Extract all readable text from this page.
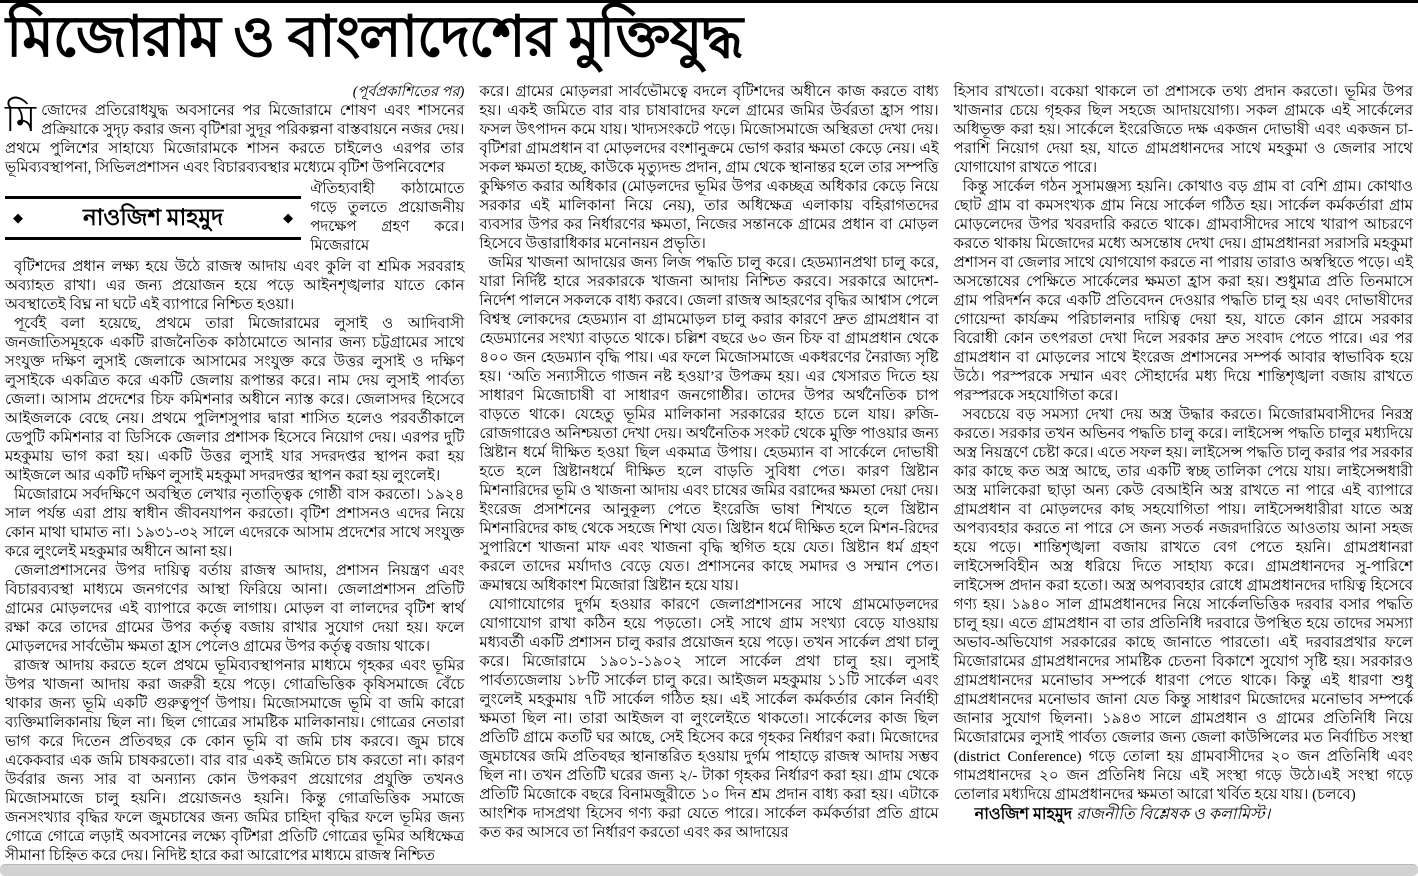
মিজোরাম ও বাংলাদেশের মুক্তিযুদ্ধ

(পূর্বপ্রকাশিতের পর)

মিজোদের প্রতিরোধযুদ্ধ অবসানের পর মিজোরামে শোষণ এবং শাসনের প্রক্রিয়াকে সুদৃঢ় করার জন্য বৃটিশরা সুদূর পরিকল্পনা বাস্তবায়নে নজর দেয়। প্রথমে পুলিশের সাহায্যে মিজোরামকে শাসন করতে চাইলেও এরপর তার ভূমিব্যবস্থাপনা, সিভিলপ্রশাসন এবং বিচারব্যবস্থার মধ্যেমে বৃটিশ উপনিবেশের

◆	নাওজিশ মাহমুদ	◆
ঐতিহ্যবাহী কাঠামোতে গড়ে তুলতে প্রয়োজনীয় পদক্ষেপ গ্রহণ করে। মিজেরামে

বৃটিশদের প্রধান লক্ষ্য হয়ে উঠে রাজস্ব আদায় এবং কুলি বা শ্রমিক সরবরাহ অব্যাহত রাখা। এর জন্য প্রয়োজন হয়ে পড়ে আইনশৃঙ্খলার যাতে কোন অবস্থাতেই বিঘ্ন না ঘটে এই ব্যাপারে নিশ্চিত হওয়া।

পূর্বেই বলা হয়েছে, প্রথমে তারা মিজোরামের লুসাই ও আদিবাসী জনজাতিসমূহকে একটি রাজনৈতিক কাঠামোতে আনার জন্য চট্টগ্রামের সাথে সংযুক্ত দক্ষিণ লুসাই জেলাকে আসামের সংযুক্ত করে উত্তর লুসাই ও দক্ষিণ লুসাইকে একত্রিত করে একটি জেলায় রূপান্তর করে। নাম দেয় লুসাই পার্বত্য জেলা। আসাম প্রদেশের চিফ কমিশনার অধীনে ন্যাস্ত করে। জেলাসদর হিসেবে আইজলকে বেছে নেয়। প্রথমে পুলিশসুপার দ্বারা শাসিত হলেও পরবর্তীকালে ডেপুটি কমিশনার বা ডিসিকে জেলার প্রশাসক হিসেবে নিয়োগ দেয়। এরপর দুটি মহকুমায় ভাগ করা হয়। একটি উত্তর লুসাই যার সদরদপ্তর স্থাপন করা হয় আইজলে আর একটি দক্ষিণ লুসাই মহকুমা সদরদপ্তর স্থাপন করা হয় লুংলেই।

মিজোরামে সর্বদক্ষিণে অবস্থিত লেখার নৃতাত্ত্বিক গোষ্ঠী বাস করতো। ১৯২৪ সাল পর্যন্ত এরা প্রায় স্বাধীন জীবনযাপন করতো। বৃটিশ প্রশাসনও এদের নিয়ে কোন মাথা ঘামাত না। ১৯৩১-৩২ সালে এদেরকে আসাম প্রদেশের সাথে সংযুক্ত করে লুংলেই মহকুমার অধীনে আনা হয়।

জেলাপ্রশাসনের উপর দায়িত্ব বর্তায় রাজস্ব আদায়, প্রশাসন নিয়ন্ত্রণ এবং বিচারব্যবস্থা মাধ্যমে জনগণের আস্থা ফিরিয়ে আনা। জেলাপ্রশাসন প্রতিটি গ্রামের মোড়লদের এই ব্যাপারে কজে লাগায়। মোড়ল বা লালদের বৃটিশ স্বার্থ রক্ষা করে তাদের গ্রামের উপর কর্তৃত্ব বজায় রাখার সুযোগ দেয়া হয়। ফলে মোড়লদের সার্বভৌম ক্ষমতা হ্রাস পেলেও গ্রামের উপর কর্তৃত্ব বজায় থাকে।

রাজস্ব আদায় করতে হলে প্রথমে ভূমিব্যবস্থাপনার মাধ্যমে গৃহকর এবং ভূমির উপর খাজনা আদায় করা জরুরী হয়ে পড়ে। গোত্রভিত্তিক কৃষিসমাজে বেঁচে থাকার জন্য ভূমি একটি গুরুত্বপূর্ণ উপায়। মিজোসমাজে ভূমি বা জমি কারো ব্যক্তিমালিকানায় ছিল না। ছিল গোত্রের সামষ্টিক মালিকানায়। গোত্রের নেতারা ভাগ করে দিতেন প্রতিবছর কে কোন ভূমি বা জমি চাষ করবে। জুম চাষে একেকবার এক জমি চাষকরতো। বার বার একই জমিতে চাষ করতো না। কারণ উর্বরার জন্য সার বা অন্যান্য কোন উপকরণ প্রয়োগের প্রযুক্তি তখনও মিজোসমাজে চালু হয়নি। প্রয়োজনও হয়নি। কিন্তু গোত্রভিত্তিক সমাজে জনসংখ্যার বৃদ্ধির ফলে জুমচাষের জন্য জমির চাহিদা বৃদ্ধির ফলে ভূমির জন্য গোত্রে গোত্রে লড়াই অবসানের লক্ষ্যে বৃটিশরা প্রতিটি গোত্রের ভূমির অধিক্ষেত্র সীমানা চিহ্নিত করে দেয়। নিদিষ্ট হারে করা আরোপের মাধ্যমে রাজস্ব নিশ্চিত

করে। গ্রামের মোড়লরা সার্বভৌমত্বে বদলে বৃটিশদের অধীনে কাজ করতে বাধ্য হয়। একই জমিতে বার বার চাষাবাদের ফলে গ্রামের জমির উর্বরতা হ্রাস পায়। ফসল উৎপাদন কমে যায়। খাদ্যসংকটে পড়ে। মিজোসমাজে অস্থিরতা দেখা দেয়। বৃটিশরা গ্রামপ্রধান বা মোড়লদের বংশানুক্রমে ভোগ করার ক্ষমতা কেড়ে নেয়। এই সকল ক্ষমতা হচ্ছে, কাউকে মৃত্যুদন্ড প্রদান, গ্রাম থেকে স্থানান্তর হলে তার সম্পত্তি কুক্ষিগত করার অধিকার (মোড়লদের ভূমির উপর একচ্ছত্র অধিকার কেড়ে নিয়ে সরকার এই মালিকানা নিয়ে নেয়), তার অধিক্ষেত্র এলাকায় বহিরাগতদের ব্যবসার উপর কর নির্ধারণের ক্ষমতা, নিজের সন্তানকে গ্রামের প্রধান বা মোড়ল হিসেবে উত্তারাধিকার মনোনয়ন প্রভৃতি।

জমির খাজনা আদায়ের জন্য লিজ পদ্ধতি চালু করে। হেডম্যানপ্রথা চালু করে, যারা নির্দিষ্ট হারে সরকারকে খাজনা আদায় নিশ্চিত করবে। সরকারে আদেশ-নির্দেশ পালনে সকলকে বাধ্য করবে। জেলা রাজস্ব আহরণের বৃদ্ধির আশ্বাস পেলে বিশ্বস্থ লোকদের হেডম্যান বা গ্রামমোড়ল চালু করার কারণে দ্রুত গ্রামপ্রধান বা হেডম্যানের সংখ্যা বাড়তে থাকে। চল্লিশ বছরে ৬০ জন চিফ বা গ্রামপ্রধান থেকে ৪০০ জন হেডম্যান বৃদ্ধি পায়। এর ফলে মিজোসমাজে একধরণের নৈরাজ্য সৃষ্টি হয়। ‘অতি সন্যাসীতে গাজন নষ্ট হওয়া’র উপক্রম হয়। এর খেসারত দিতে হয় সাধারণ মিজোচাষী বা সাধারণ জনগোষ্ঠীর। তাদের উপর অর্থনৈতিক চাপ বাড়তে থাকে। যেহেতু ভূমির মালিকানা সরকারের হাতে চলে যায়। রুজি-রোজগারেও অনিশ্চয়তা দেখা দেয়। অর্থনৈতিক সংকট থেকে মুক্তি পাওয়ার জন্য খ্রিষ্টান ধর্মে দীক্ষিত হওয়া ছিল একমাত্র উপায়। হেডম্যান বা সার্কেলে দোভাষী হতে হলে খ্রিষ্টানধর্মে দীক্ষিত হলে বাড়তি সুবিধা পেত। কারণ খ্রিষ্টান মিশনারিদের ভূমি ও খাজনা আদায় এবং চাষের জমির বরাদ্দের ক্ষমতা দেয়া দেয়। ইংরেজ প্রসাশনের আনুকূল্য পেতে ইংরেজি ভাষা শিখতে হলে খ্রিষ্টান মিশনারিদের কাছ থেকে সহজে শিখা যেত। খ্রিষ্টান ধর্মে দীক্ষিত হলে মিশন-রিদের সুপারিশে খাজনা মাফ এবং খাজনা বৃদ্ধি স্থগিত হয়ে যেত। খ্রিষ্টান ধর্ম গ্রহণ করলে তাদের মর্যাদাও বেড়ে যেত। প্রশাসনের কাছে সমাদর ও সম্মান পেত। ক্রমান্বয়ে অধিকাংশ মিজোরা খ্রিষ্টান হয়ে যায়।

যোগাযোগের দুর্গম হওয়ার কারণে জেলাপ্রশাসনের সাথে গ্রামমোড়লদের যোগাযোগ রাখা কঠিন হয়ে পড়তো। সেই সাথে গ্রাম সংখ্যা বেড়ে যাওয়ায় মধ্যবর্তী একটি প্রশাসন চালু করার প্রয়োজন হয়ে পড়ে। তখন সার্কেল প্রথা চালু করে। মিজোরামে ১৯০১-১৯০২ সালে সার্কেল প্রথা চালু হয়। লুসাই পার্বত্যজেলায় ১৮টি সার্কেল চালু করে। আইজল মহকুমায় ১১টি সার্কেল এবং লুংলেই মহকুমায় ৭টি সার্কেল গঠিত হয়। এই সার্কেল কর্মকর্তার কোন নির্বাহী ক্ষমতা ছিল না। তারা আইজল বা লুংলেইতে থাকতো। সার্কেলের কাজ ছিল প্রতিটি গ্রামে কতটি ঘর আছে, সেই হিসেব করে গৃহকর নির্ধারণ করা। মিজোদের জুমচাষের জমি প্রতিবছর স্থানান্তরিত হওয়ায় দুর্গম পাহাড়ে রাজস্ব আদায় সম্ভব ছিল না। তখন প্রতিটি ঘরের জন্য ২/- টাকা গৃহকর নির্ধারণ করা হয়। গ্রাম থেকে প্রতিটি মিজোকে বছরে বিনামজুরীতে ১০ দিন শ্রম প্রদান বাধ্য করা হয়। এটাকে আংশিক দাসপ্রথা হিসেব গণ্য করা যেতে পারে। সার্কেল কর্মকর্তারা প্রতি গ্রামে কত কর আসবে তা নির্ধারণ করতো এবং কর আদায়ের

হিসাব রাখতো। বকেয়া থাকলে তা প্রশাসকে তথ্য প্রদান করতো। ভূমির উপর খাজনার চেয়ে গৃহকর ছিল সহজে আদায়যোগ্য। সকল গ্রামকে এই সার্কেলের অধিভূক্ত করা হয়। সার্কেলে ইংরেজিতে দক্ষ একজন দোভাষী এবং একজন চা-পরাশি নিয়োগ দেয়া হয়, যাতে গ্রামপ্রধানদের সাথে মহকুমা ও জেলার সাথে যোগাযোগ রাখতে পারে।

কিন্তু সার্কেল গঠন সুসামঞ্জস্য হয়নি। কোথাও বড় গ্রাম বা বেশি গ্রাম। কোথাও ছোট গ্রাম বা কমসংখ্যক গ্রাম নিয়ে সার্কেল গঠিত হয়। সার্কেল কর্মকর্তারা গ্রাম মোড়লেদের উপর খবরদারি করতে থাকে। গ্রামবাসীদের সাথে খারাপ আচরণে করতে থাকায় মিজোদের মধ্যে অসন্তোষ দেখা দেয়। গ্রামপ্রধানরা সরাসরি মহকুমা প্রশাসন বা জেলার সাথে যোগযোগ করতে না পারায় তারাও অস্বস্থিতে পড়ে। এই অসন্তোষের পেক্ষিতে সার্কেলের ক্ষমতা হ্রাস করা হয়। শুধুমাত্র প্রতি তিনমাসে গ্রাম পরিদর্শন করে একটি প্রতিবেদন দেওয়ার পদ্ধতি চালু হয় এবং দোভাষীদের গোয়েন্দা কার্যক্রম পরিচালনার দায়িত্ব দেয়া হয়, যাতে কোন গ্রামে সরকার বিরোধী কোন তৎপরতা দেখা দিলে সরকার দ্রুত সংবাদ পেতে পারে। এর পর গ্রামপ্রধান বা মোড়লের সাথে ইংরেজ প্রশাসনের সম্পর্ক আবার স্বাভাবিক হয়ে উঠে। পরস্পরকে সম্মান এবং সৌহার্দের মধ্য দিয়ে শান্তিশৃঙ্খলা বজায় রাখতে পরস্পরকে সহযোগিতা করে।

সবচেয়ে বড় সমস্যা দেখা দেয় অস্ত্র উদ্ধার করতে। মিজোরামবাসীদের নিরস্ত্র করতে। সরকার তখন অভিনব পদ্ধতি চালু করে। লাইসেন্স পদ্ধতি চালুর মধ্যদিয়ে অস্ত্র নিয়ন্ত্রণে চেষ্টা করে। এতে সফল হয়। লাইসেন্স পদ্ধতি চালু করার পর সরকার কার কাছে কত অস্ত্র আছে, তার একটি স্বচ্ছ তালিকা পেয়ে যায়। লাইসেন্সধারী অস্ত্র মালিকেরা ছাড়া অন্য কেউ বেআইনি অস্ত্র রাখতে না পারে এই ব্যাপারে গ্রামপ্রধান বা মোড়লদের কাছ সহযোগিতা পায়। লাইসেন্সধারীরা যাতে অস্ত্র অপব্যবহার করতে না পারে সে জন্য সতর্ক নজরদারিতে আওতায় আনা সহজ হয়ে পড়ে। শান্তিশৃঙ্খলা বজায় রাখতে বেগ পেতে হয়নি। গ্রামপ্রধানরা লাইসেন্সবিহীন অস্ত্র ধরিয়ে দিতে সাহায্য করে। গ্রামপ্রধানদের সু-পারিশে লাইসেন্স প্রদান করা হতো। অস্ত্র অপব্যবহার রোধে গ্রামপ্রধানদের দায়িত্ব হিসেবে গণ্য হয়। ১৯৪০ সাল গ্রামপ্রধানদের নিয়ে সার্কেলভিত্তিক দরবার বসার পদ্ধতি চালু হয়। এতে গ্রামপ্রধান বা তার প্রতিনিধি দরবারে উপস্থিত হয়ে তাদের সমস্যা অভাব-অভিযোগ সরকারের কাছে জানাতে পারতো। এই দরবারপ্রথার ফলে মিজোরামের গ্রামপ্রধানদের সামষ্টিক চেতনা বিকাশে সুযোগ সৃষ্টি হয়। সরকারও গ্রামপ্রধানদের মনোভাব সম্পর্কে ধারণা পেতে থাকে। কিন্তু এই ধারণা শুধু গ্রামপ্রধানদের মনোভাব জানা যেত কিন্তু সাধারণ মিজোদের মনোভাব সম্পর্কে জানার সুযোগ ছিলনা। ১৯৪৩ সালে গ্রামপ্রধান ও গ্রামের প্রতিনিধি নিয়ে মিজোরামের লুসাই পার্বত্য জেলার জন্য জেলা কাউন্সিলের মত নির্বাচিত সংস্থা (district Conference) গড়ে তোলা হয় গ্রামবাসীদের ২০ জন প্রতিনিধি এবং গামপ্রধানদের ২০ জন প্রতিনিধ নিয়ে এই সংস্থা গড়ে উঠে।এই সংস্থা গড়ে তোলার মধ্যদিয়ে গ্রামপ্রধানদের ক্ষমতা আরো খর্বিত হয়ে যায়। (চলবে)

নাওজিশ মাহমুদ রাজনীতি বিশ্লেষক ও কলামিস্ট।
